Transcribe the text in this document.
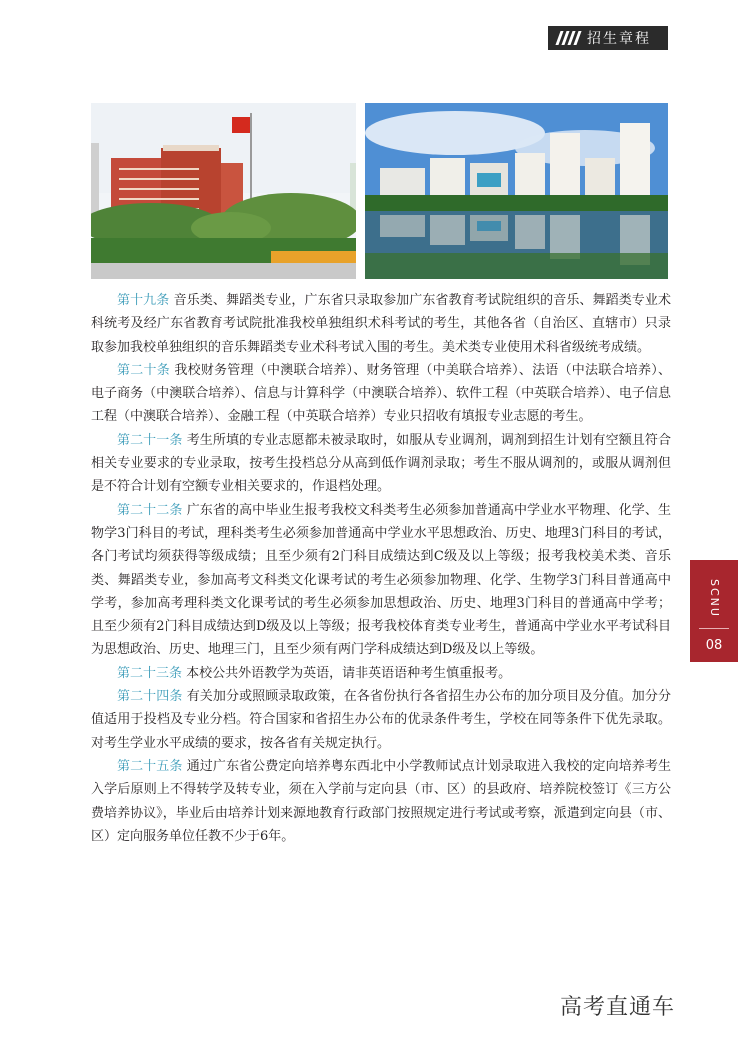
招生章程

第十九条 音乐类、舞蹈类专业，广东省只录取参加广东省教育考试院组织的音乐、舞蹈类专业术科统考及经广东省教育考试院批准我校单独组织术科考试的考生，其他各省（自治区、直辖市）只录取参加我校单独组织的音乐舞蹈类专业术科考试入围的考生。美术类专业使用术科省级统考成绩。

第二十条 我校财务管理（中澳联合培养）、财务管理（中美联合培养）、法语（中法联合培养）、电子商务（中澳联合培养）、信息与计算科学（中澳联合培养）、软件工程（中英联合培养）、电子信息工程（中澳联合培养）、金融工程（中英联合培养）专业只招收有填报专业志愿的考生。

第二十一条 考生所填的专业志愿都未被录取时，如服从专业调剂，调剂到招生计划有空额且符合相关专业要求的专业录取，按考生投档总分从高到低作调剂录取；考生不服从调剂的，或服从调剂但是不符合计划有空额专业相关要求的，作退档处理。

第二十二条 广东省的高中毕业生报考我校文科类考生必须参加普通高中学业水平物理、化学、生物学3门科目的考试，理科类考生必须参加普通高中学业水平思想政治、历史、地理3门科目的考试，各门考试均须获得等级成绩；且至少须有2门科目成绩达到C级及以上等级；报考我校美术类、音乐类、舞蹈类专业，参加高考文科类文化课考试的考生必须参加物理、化学、生物学3门科目普通高中学考，参加高考理科类文化课考试的考生必须参加思想政治、历史、地理3门科目的普通高中学考；且至少须有2门科目成绩达到D级及以上等级；报考我校体育类专业考生，普通高中学业水平考试科目为思想政治、历史、地理三门，且至少须有两门学科成绩达到D级及以上等级。

第二十三条 本校公共外语教学为英语，请非英语语种考生慎重报考。

第二十四条 有关加分或照顾录取政策，在各省份执行各省招生办公布的加分项目及分值。加分分值适用于投档及专业分档。符合国家和省招生办公布的优录条件考生，学校在同等条件下优先录取。对考生学业水平成绩的要求，按各省有关规定执行。

第二十五条 通过广东省公费定向培养粤东西北中小学教师试点计划录取进入我校的定向培养考生入学后原则上不得转学及转专业，须在入学前与定向县（市、区）的县政府、培养院校签订《三方公费培养协议》，毕业后由培养计划来源地教育行政部门按照规定进行考试或考察，派遣到定向县（市、区）定向服务单位任教不少于6年。

SCNU
08
高考直通车
